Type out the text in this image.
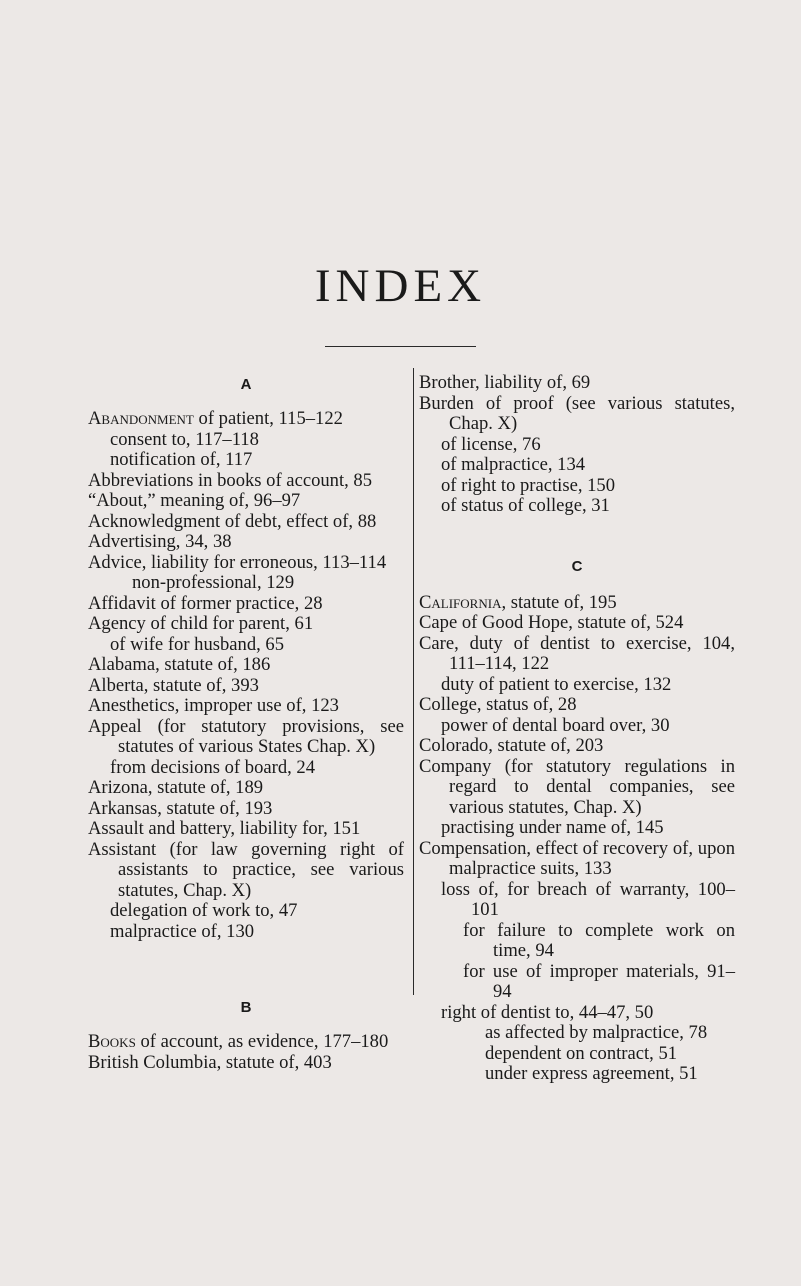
INDEX
A

Abandonment of patient, 115–122

consent to, 117–118

notification of, 117

Abbreviations in books of account, 85

“About,” meaning of, 96–97

Acknowledgment of debt, effect of, 88

Advertising, 34, 38

Advice, liability for erroneous, 113–114

non-professional, 129

Affidavit of former practice, 28

Agency of child for parent, 61

of wife for husband, 65

Alabama, statute of, 186

Alberta, statute of, 393

Anesthetics, improper use of, 123

Appeal (for statutory provisions, see statutes of various States Chap. X)

from decisions of board, 24

Arizona, statute of, 189

Arkansas, statute of, 193

Assault and battery, liability for, 151

Assistant (for law governing right of assistants to practice, see various statutes, Chap. X)

delegation of work to, 47

malpractice of, 130

B

Books of account, as evidence, 177–180

British Columbia, statute of, 403

Brother, liability of, 69

Burden of proof (see various statutes, Chap. X)

of license, 76

of malpractice, 134

of right to practise, 150

of status of college, 31

C

California, statute of, 195

Cape of Good Hope, statute of, 524

Care, duty of dentist to exercise, 104, 111–114, 122

duty of patient to exercise, 132

College, status of, 28

power of dental board over, 30

Colorado, statute of, 203

Company (for statutory regulations in regard to dental companies, see various statutes, Chap. X)

practising under name of, 145

Compensation, effect of recovery of, upon malpractice suits, 133

loss of, for breach of warranty, 100–101

for failure to complete work on time, 94

for use of improper materials, 91–94

right of dentist to, 44–47, 50

as affected by malpractice, 78

dependent on contract, 51

under express agreement, 51
